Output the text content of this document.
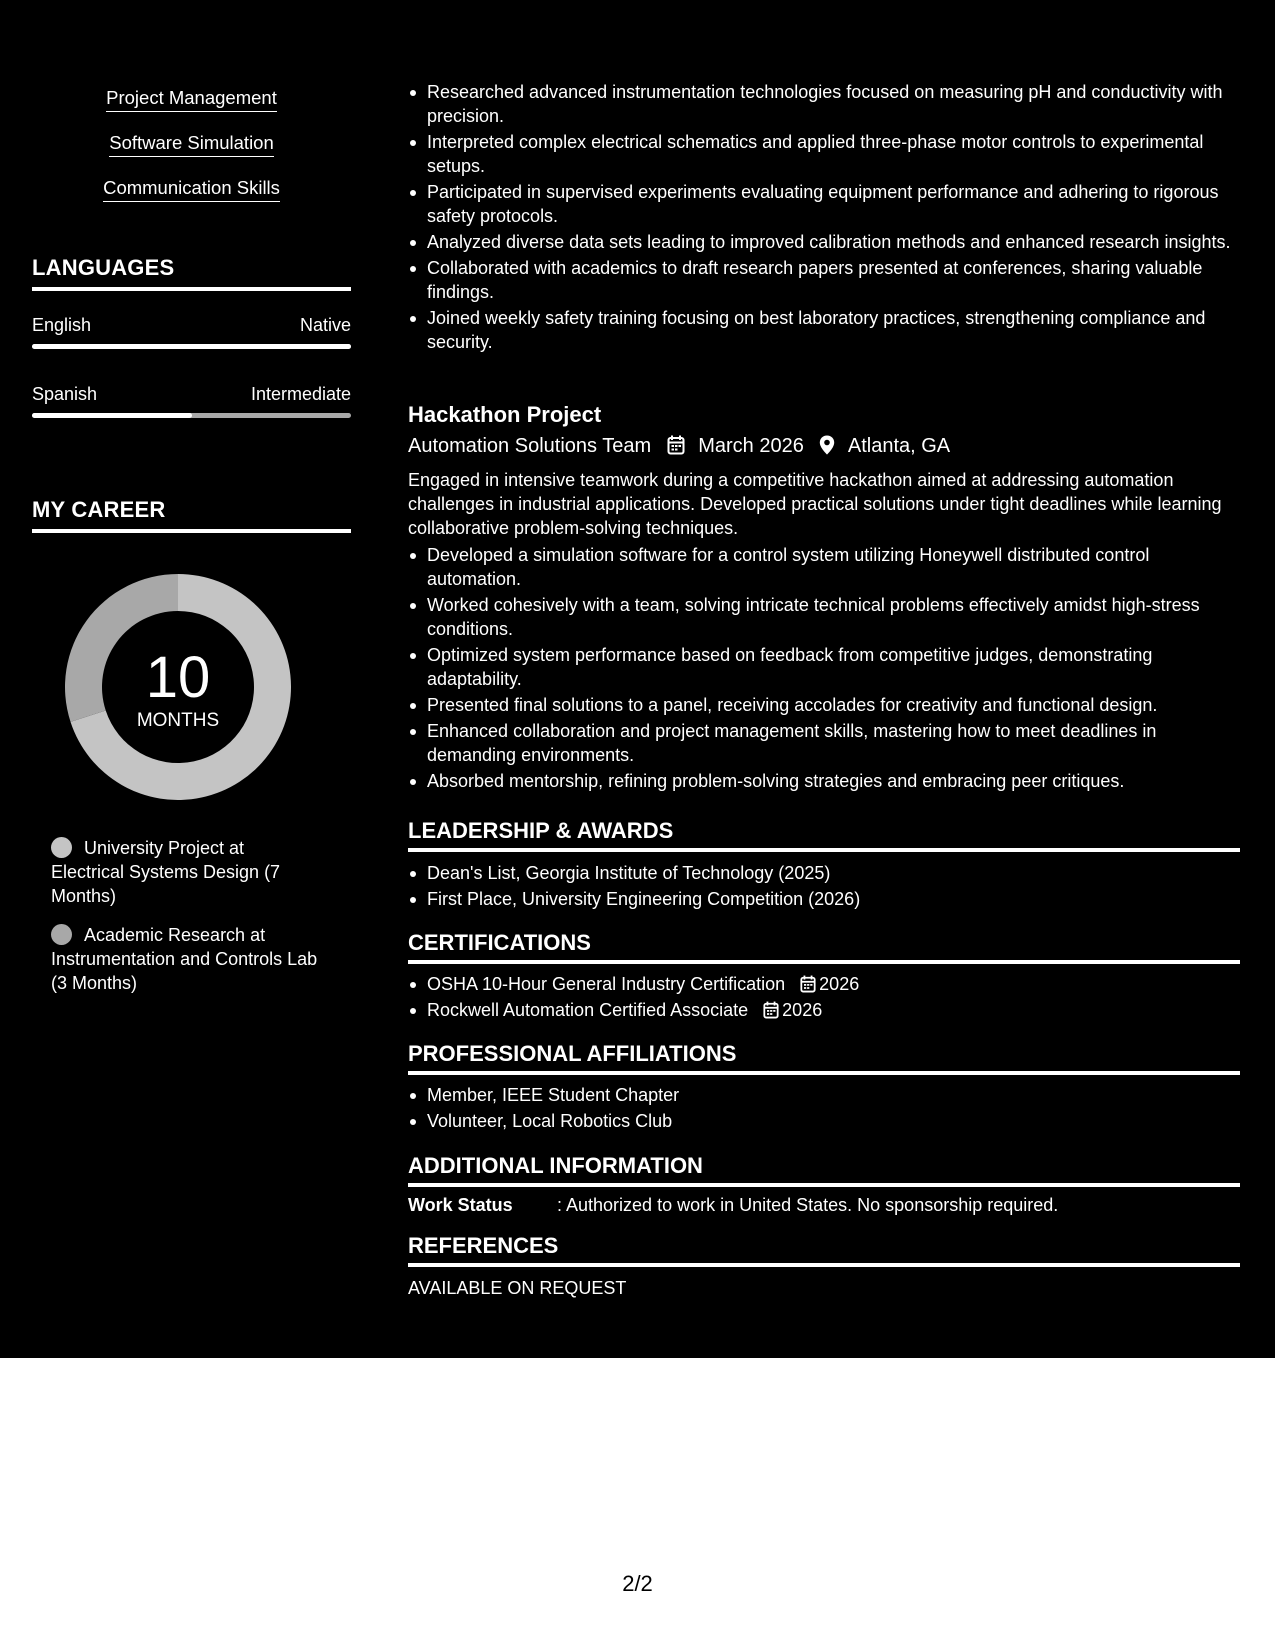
Project Management
Software Simulation
Communication Skills
LANGUAGES
English	Native
Spanish	Intermediate
MY CAREER
10
MONTHS
University Project at Electrical Systems Design (7 Months)
Academic Research at Instrumentation and Controls Lab (3 Months)
Researched advanced instrumentation technologies focused on measuring pH and conductivity with precision.
Interpreted complex electrical schematics and applied three-phase motor controls to experimental setups.
Participated in supervised experiments evaluating equipment performance and adhering to rigorous safety protocols.
Analyzed diverse data sets leading to improved calibration methods and enhanced research insights.
Collaborated with academics to draft research papers presented at conferences, sharing valuable findings.
Joined weekly safety training focusing on best laboratory practices, strengthening compliance and security.
Hackathon Project
Automation Solutions Team March 2026 Atlanta, GA
Engaged in intensive teamwork during a competitive hackathon aimed at addressing automation challenges in industrial applications. Developed practical solutions under tight deadlines while learning collaborative problem-solving techniques.
Developed a simulation software for a control system utilizing Honeywell distributed control automation.
Worked cohesively with a team, solving intricate technical problems effectively amidst high-stress conditions.
Optimized system performance based on feedback from competitive judges, demonstrating adaptability.
Presented final solutions to a panel, receiving accolades for creativity and functional design.
Enhanced collaboration and project management skills, mastering how to meet deadlines in demanding environments.
Absorbed mentorship, refining problem-solving strategies and embracing peer critiques.
LEADERSHIP & AWARDS
Dean's List, Georgia Institute of Technology (2025)
First Place, University Engineering Competition (2026)
CERTIFICATIONS
OSHA 10-Hour General Industry Certification 2026
Rockwell Automation Certified Associate 2026
PROFESSIONAL AFFILIATIONS
Member, IEEE Student Chapter
Volunteer, Local Robotics Club
ADDITIONAL INFORMATION
Work Status : Authorized to work in United States. No sponsorship required.
REFERENCES
AVAILABLE ON REQUEST
2/2
